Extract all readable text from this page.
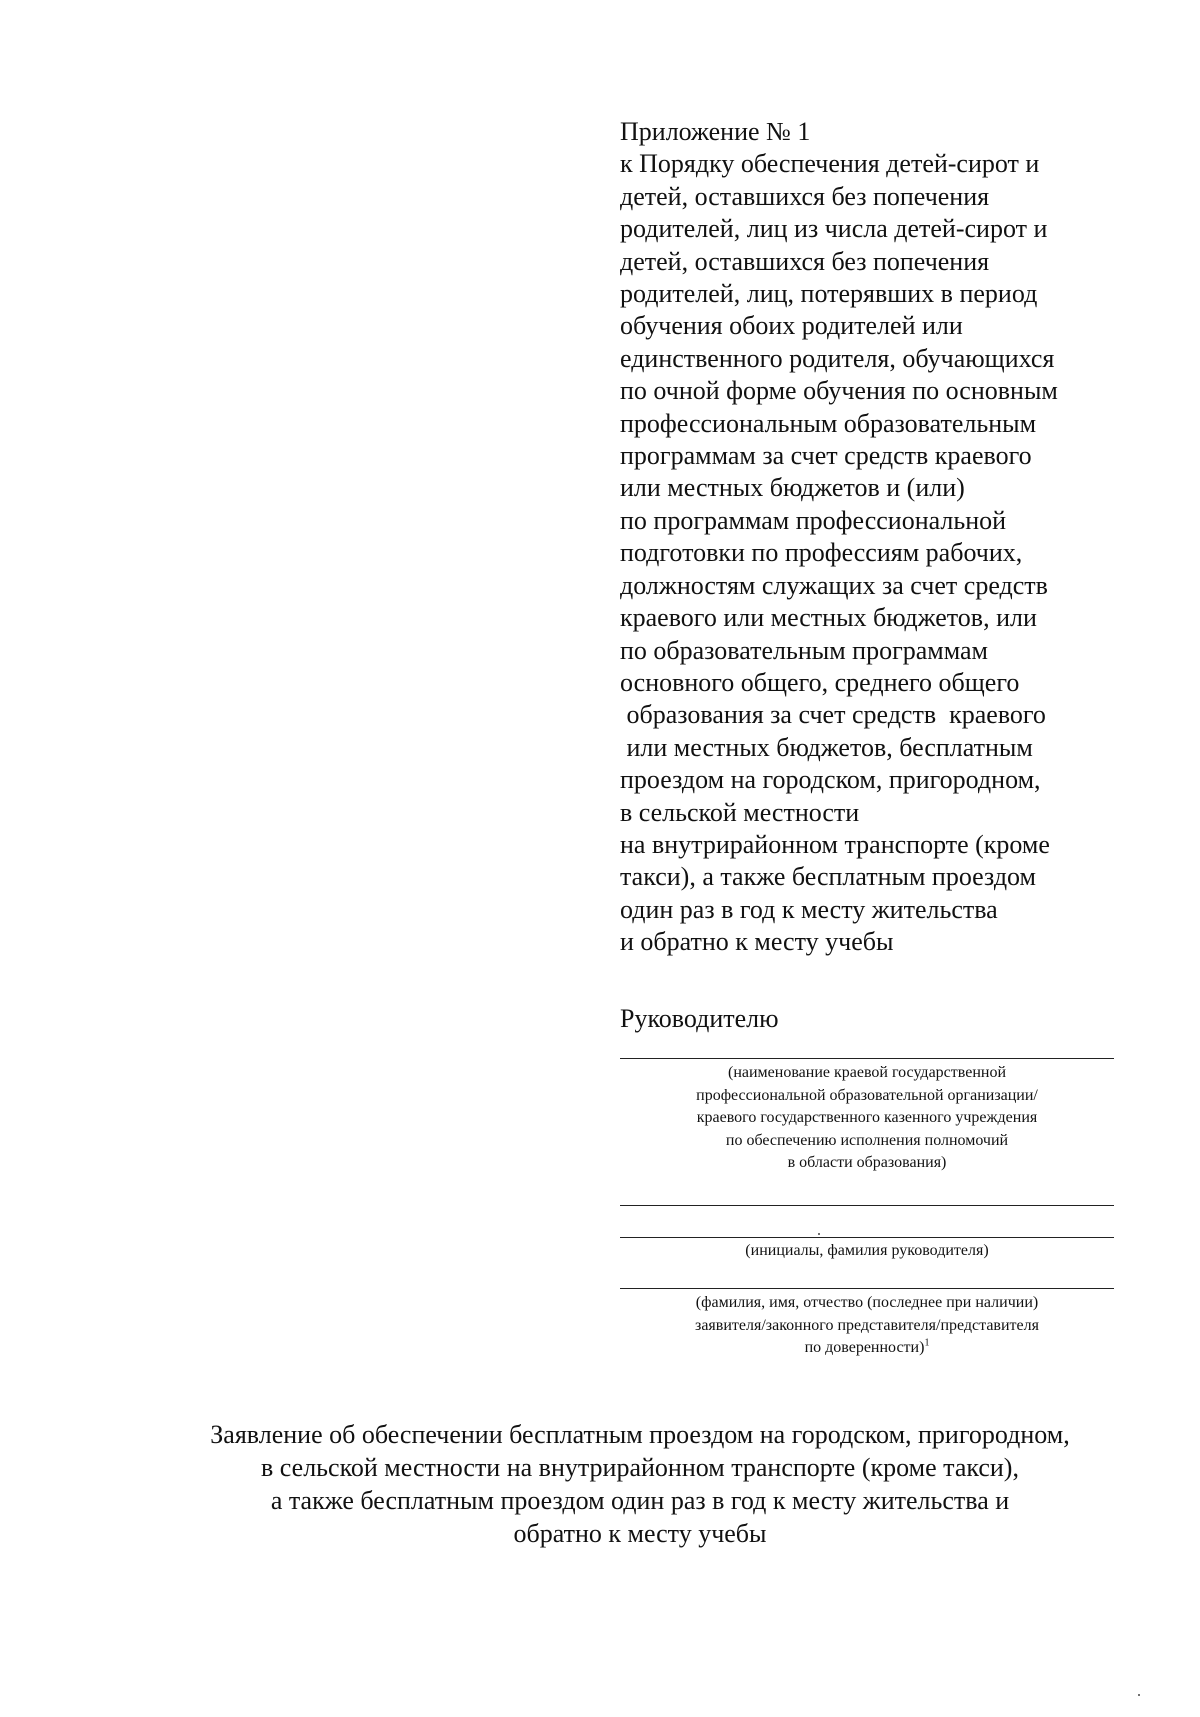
Приложение № 1
к Порядку обеспечения детей-сирот и
детей, оставшихся без попечения
родителей, лиц из числа детей-сирот и
детей, оставшихся без попечения
родителей, лиц, потерявших в период
обучения обоих родителей или
единственного родителя, обучающихся
по очной форме обучения по основным
профессиональным образовательным
программам за счет средств краевого
или местных бюджетов и (или)
по программам профессиональной
подготовки по профессиям рабочих,
должностям служащих за счет средств
краевого или местных бюджетов, или
по образовательным программам
основного общего, среднего общего
образования за счет средств  краевого
или местных бюджетов, бесплатным
проездом на городском, пригородном,
в сельской местности
на внутрирайонном транспорте (кроме
такси), а также бесплатным проездом
один раз в год к месту жительства
и обратно к месту учебы
Руководителю
(наименование краевой государственной
профессиональной образовательной организации/
краевого государственного казенного учреждения
по обеспечению исполнения полномочий
в области образования)
(инициалы, фамилия руководителя)
(фамилия, имя, отчество (последнее при наличии)
заявителя/законного представителя/представителя
по доверенности)$^1$
Заявление об обеспечении бесплатным проездом на городском, пригородном,
в сельской местности на внутрирайонном транспорте (кроме такси),
а также бесплатным проездом один раз в год к месту жительства и
обратно к месту учебы
